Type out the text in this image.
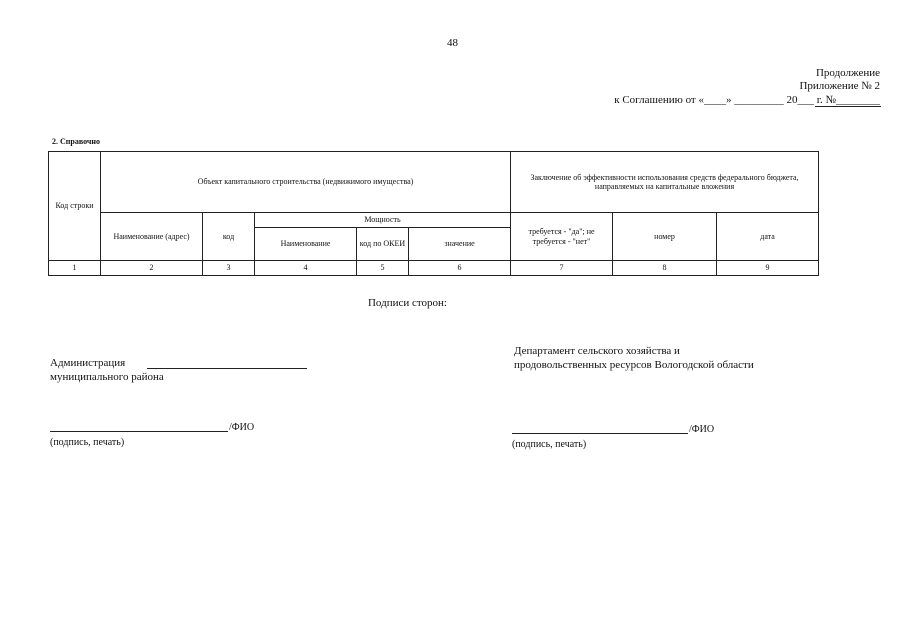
48
Продолжение
Приложение № 2
к Соглашению от «____» _________ 20___ г. №________
2. Справочно
Код строки	Объект капитального строительства (недвижимого имущества)					Заключение об эффективности использования средств федерального бюджета, направляемых на капитальные вложения		
	Наименование (адрес)	код	Мощность			требуется - "да"; не требуется - "нет"	номер	дата
			Наименование	код по ОКЕИ	значение			
1	2	3	4	5	6	7	8	9
Подписи сторон:
Администрация
муниципального района
/ФИО
(подпись, печать)
Департамент сельского хозяйства и продовольственных ресурсов Вологодской области
/ФИО
(подпись, печать)
